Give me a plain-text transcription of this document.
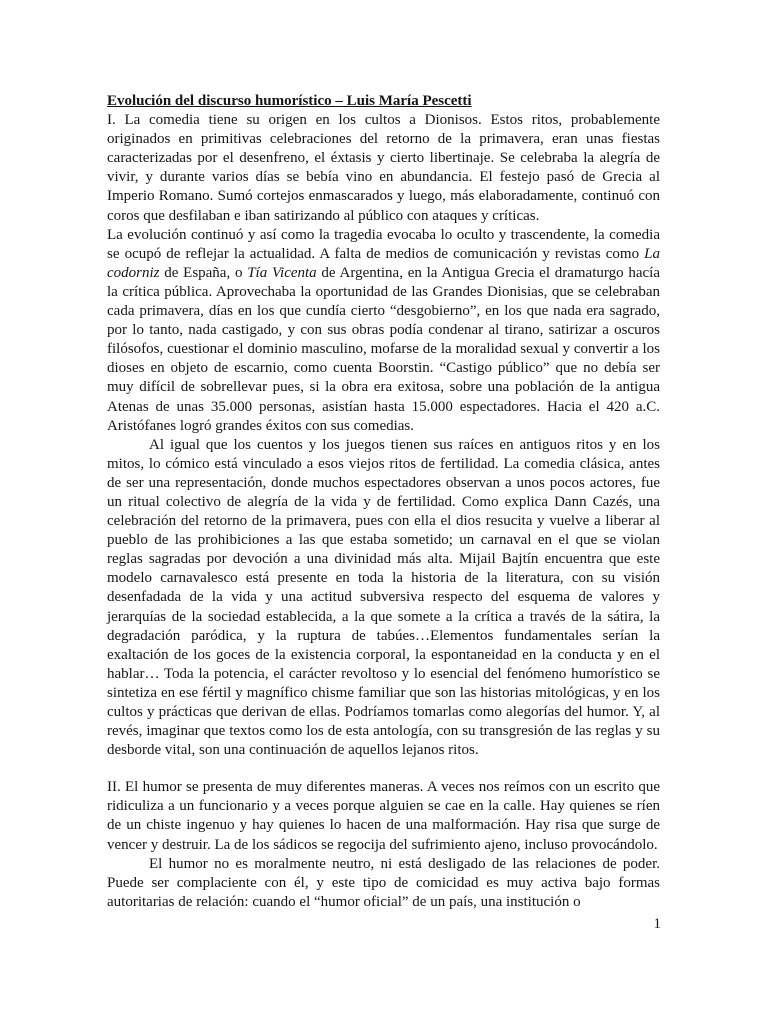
Evolución del discurso humorístico – Luis María Pescetti

I. La comedia tiene su origen en los cultos a Dionisos. Estos ritos, probablemente originados en primitivas celebraciones del retorno de la primavera, eran unas fiestas caracterizadas por el desenfreno, el éxtasis y cierto libertinaje. Se celebraba la alegría de vivir, y durante varios días se bebía vino en abundancia. El festejo pasó de Grecia al Imperio Romano. Sumó cortejos enmascarados y luego, más elaboradamente, continuó con coros que desfilaban e iban satirizando al público con ataques y críticas.

La evolución continuó y así como la tragedia evocaba lo oculto y trascendente, la comedia se ocupó de reflejar la actualidad. A falta de medios de comunicación y revistas como La codorniz de España, o Tía Vicenta de Argentina, en la Antigua Grecia el dramaturgo hacía la crítica pública. Aprovechaba la oportunidad de las Grandes Dionisias, que se celebraban cada primavera, días en los que cundía cierto “desgobierno”, en los que nada era sagrado, por lo tanto, nada castigado, y con sus obras podía condenar al tirano, satirizar a oscuros filósofos, cuestionar el dominio masculino, mofarse de la moralidad sexual y convertir a los dioses en objeto de escarnio, como cuenta Boorstin. “Castigo público” que no debía ser muy difícil de sobrellevar pues, si la obra era exitosa, sobre una población de la antigua Atenas de unas 35.000 personas, asistían hasta 15.000 espectadores. Hacia el 420 a.C. Aristófanes logró grandes éxitos con sus comedias.

Al igual que los cuentos y los juegos tienen sus raíces en antiguos ritos y en los mitos, lo cómico está vinculado a esos viejos ritos de fertilidad. La comedia clásica, antes de ser una representación, donde muchos espectadores observan a unos pocos actores, fue un ritual colectivo de alegría de la vida y de fertilidad. Como explica Dann Cazés, una celebración del retorno de la primavera, pues con ella el dios resucita y vuelve a liberar al pueblo de las prohibiciones a las que estaba sometido; un carnaval en el que se violan reglas sagradas por devoción a una divinidad más alta. Mijail Bajtín encuentra que este modelo carnavalesco está presente en toda la historia de la literatura, con su visión desenfadada de la vida y una actitud subversiva respecto del esquema de valores y jerarquías de la sociedad establecida, a la que somete a la crítica a través de la sátira, la degradación paródica, y la ruptura de tabúes…Elementos fundamentales serían la exaltación de los goces de la existencia corporal, la espontaneidad en la conducta y en el hablar… Toda la potencia, el carácter revoltoso y lo esencial del fenómeno humorístico se sintetiza en ese fértil y magnífico chisme familiar que son las historias mitológicas, y en los cultos y prácticas que derivan de ellas. Podríamos tomarlas como alegorías del humor. Y, al revés, imaginar que textos como los de esta antología, con su transgresión de las reglas y su desborde vital, son una continuación de aquellos lejanos ritos.

II. El humor se presenta de muy diferentes maneras. A veces nos reímos con un escrito que ridiculiza a un funcionario y a veces porque alguien se cae en la calle. Hay quienes se ríen de un chiste ingenuo y hay quienes lo hacen de una malformación. Hay risa que surge de vencer y destruir. La de los sádicos se regocija del sufrimiento ajeno, incluso provocándolo.

El humor no es moralmente neutro, ni está desligado de las relaciones de poder. Puede ser complaciente con él, y este tipo de comicidad es muy activa bajo formas autoritarias de relación: cuando el “humor oficial” de un país, una institución o

1
